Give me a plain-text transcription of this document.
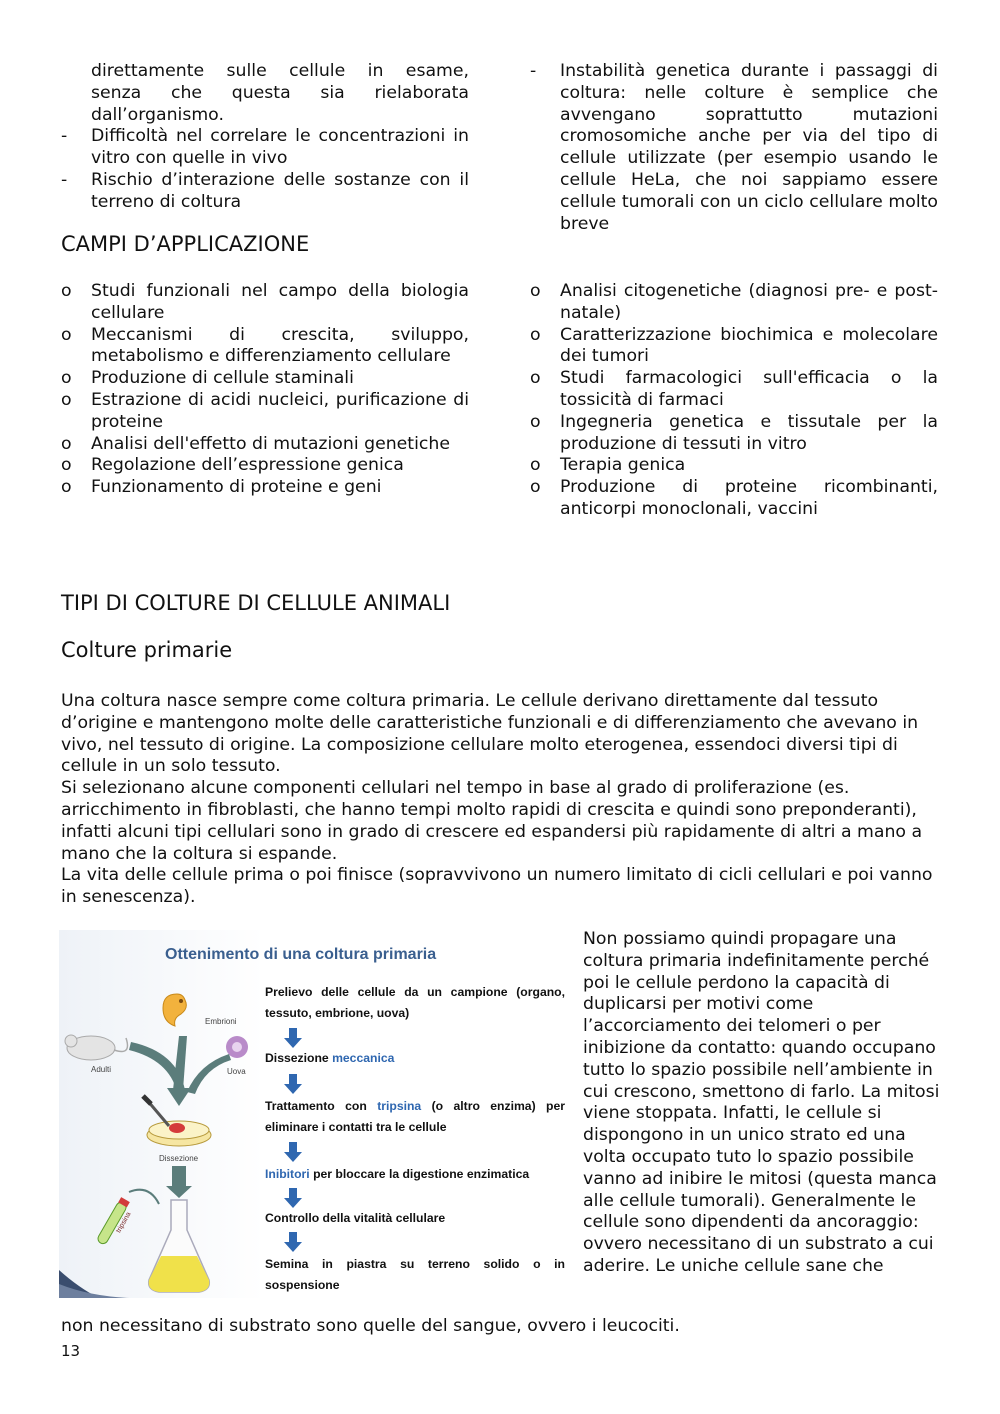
direttamente sulle cellule in esame,
senza che questa sia rielaborata
dall’organismo.
- Difficoltà nel correlare le concentrazioni in vitro con quelle in vivo
- Rischio d’interazione delle sostanze con il terreno di coltura
- Instabilità genetica durante i passaggi di coltura: nelle colture è semplice che avvengano soprattutto mutazioni cromosomiche anche per via del tipo di cellule utilizzate (per esempio usando le cellule HeLa, che noi sappiamo essere cellule tumorali con un ciclo cellulare molto breve
CAMPI D’APPLICAZIONE
o Studi funzionali nel campo della biologia cellulare
o Meccanismi di crescita, sviluppo, metabolismo e differenziamento cellulare
o Produzione di cellule staminali
o Estrazione di acidi nucleici, purificazione di proteine
o Analisi dell'effetto di mutazioni genetiche
o Regolazione dell’espressione genica
o Funzionamento di proteine e geni
o Analisi citogenetiche (diagnosi pre- e post-natale)
o Caratterizzazione biochimica e molecolare dei tumori
o Studi farmacologici sull'efficacia o la tossicità di farmaci
o Ingegneria genetica e tissutale per la produzione di tessuti in vitro
o Terapia genica
o Produzione di proteine ricombinanti, anticorpi monoclonali, vaccini
TIPI DI COLTURE DI CELLULE ANIMALI
Colture primarie

Una coltura nasce sempre come coltura primaria. Le cellule derivano direttamente dal tessuto d’origine e mantengono molte delle caratteristiche funzionali e di differenziamento che avevano in vivo, nel tessuto di origine. La composizione cellulare molto eterogenea, essendoci diversi tipi di cellule in un solo tessuto.

Si selezionano alcune componenti cellulari nel tempo in base al grado di proliferazione (es. arricchimento in fibroblasti, che hanno tempi molto rapidi di crescita e quindi sono preponderanti), infatti alcuni tipi cellulari sono in grado di crescere ed espandersi più rapidamente di altri a mano a mano che la coltura si espande.

La vita delle cellule prima o poi finisce (sopravvivono un numero limitato di cicli cellulari e poi vanno in senescenza).

Ottenimento di una coltura primaria
Embrioni
Adulti	Uova
Dissezione
tripsina
Prelievo delle cellule da un campione (organo, tessuto, embrione, uova)
Dissezione meccanica
Trattamento con tripsina (o altro enzima) per eliminare i contatti tra le cellule
Inibitori per bloccare la digestione enzimatica
Controllo della vitalità cellulare
Semina in piastra su terreno solido o in sospensione

Non possiamo quindi propagare una coltura primaria indefinitamente perché poi le cellule perdono la capacità di duplicarsi per motivi come l’accorciamento dei telomeri o per inibizione da contatto: quando occupano tutto lo spazio possibile nell’ambiente in cui crescono, smettono di farlo. La mitosi viene stoppata. Infatti, le cellule si dispongono in un unico strato ed una volta occupato tuto lo spazio possibile vanno ad inibire le mitosi (questa manca alle cellule tumorali). Generalmente le cellule sono dipendenti da ancoraggio: ovvero necessitano di un substrato a cui aderire. Le uniche cellule sane che

non necessitano di substrato sono quelle del sangue, ovvero i leucociti.
13
